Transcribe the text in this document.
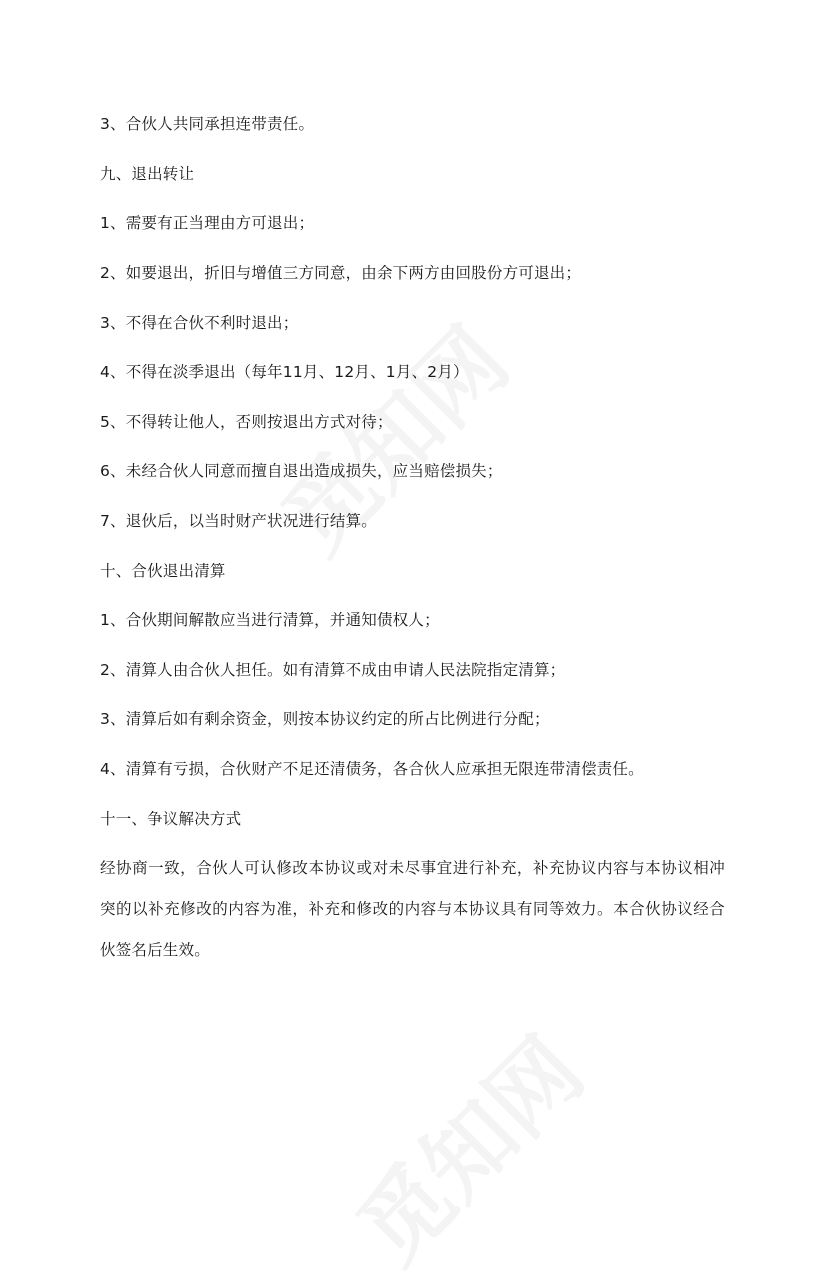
3、合伙人共同承担连带责任。
九、退出转让
1、需要有正当理由方可退出；
2、如要退出，折旧与增值三方同意，由余下两方由回股份方可退出；
3、不得在合伙不利时退出；
4、不得在淡季退出（每年11月、12月、1月、2月）
5、不得转让他人，否则按退出方式对待；
6、未经合伙人同意而擅自退出造成损失，应当赔偿损失；
7、退伙后，以当时财产状况进行结算。
十、合伙退出清算
1、合伙期间解散应当进行清算，并通知债权人；
2、清算人由合伙人担任。如有清算不成由申请人民法院指定清算；
3、清算后如有剩余资金，则按本协议约定的所占比例进行分配；
4、清算有亏损，合伙财产不足还清债务，各合伙人应承担无限连带清偿责任。
十一、争议解决方式
经协商一致，合伙人可认修改本协议或对未尽事宜进行补充，补充协议内容与本协议相冲突的以补充修改的内容为准，补充和修改的内容与本协议具有同等效力。本合伙协议经合伙签名后生效。
